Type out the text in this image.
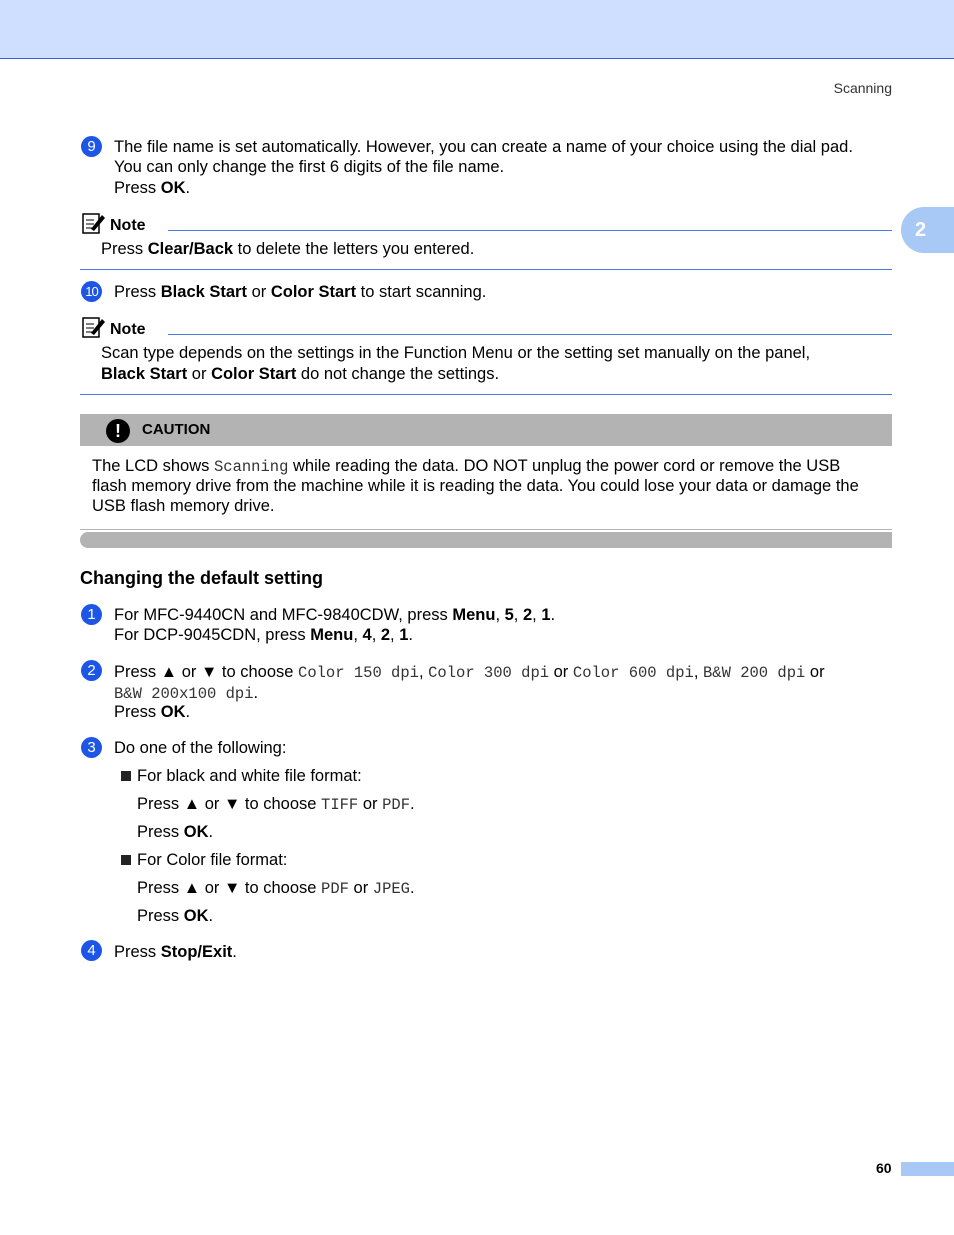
Scanning
2
9	The file name is set automatically. However, you can create a name of your choice using the dial pad.
You can only change the first 6 digits of the file name.
Press OK.
Note
Press Clear/Back to delete the letters you entered.
10 Press Black Start or Color Start to start scanning.
Note
Scan type depends on the settings in the Function Menu or the setting set manually on the panel,
Black Start or Color Start do not change the settings.
!	CAUTION
The LCD shows Scanning while reading the data. DO NOT unplug the power cord or remove the USB
flash memory drive from the machine while it is reading the data. You could lose your data or damage the
USB flash memory drive.
Changing the default setting
1	For MFC-9440CN and MFC-9840CDW, press Menu, 5, 2, 1.
For DCP-9045CDN, press Menu, 4, 2, 1.
2	Press ▲ or ▼ to choose Color 150 dpi, Color 300 dpi or Color 600 dpi, B&W 200 dpi or
B&W 200x100 dpi.
Press OK.
3	Do one of the following:
For black and white file format:
Press ▲ or ▼ to choose TIFF or PDF.
Press OK.
For Color file format:
Press ▲ or ▼ to choose PDF or JPEG.
Press OK.
4	Press Stop/Exit.
60
